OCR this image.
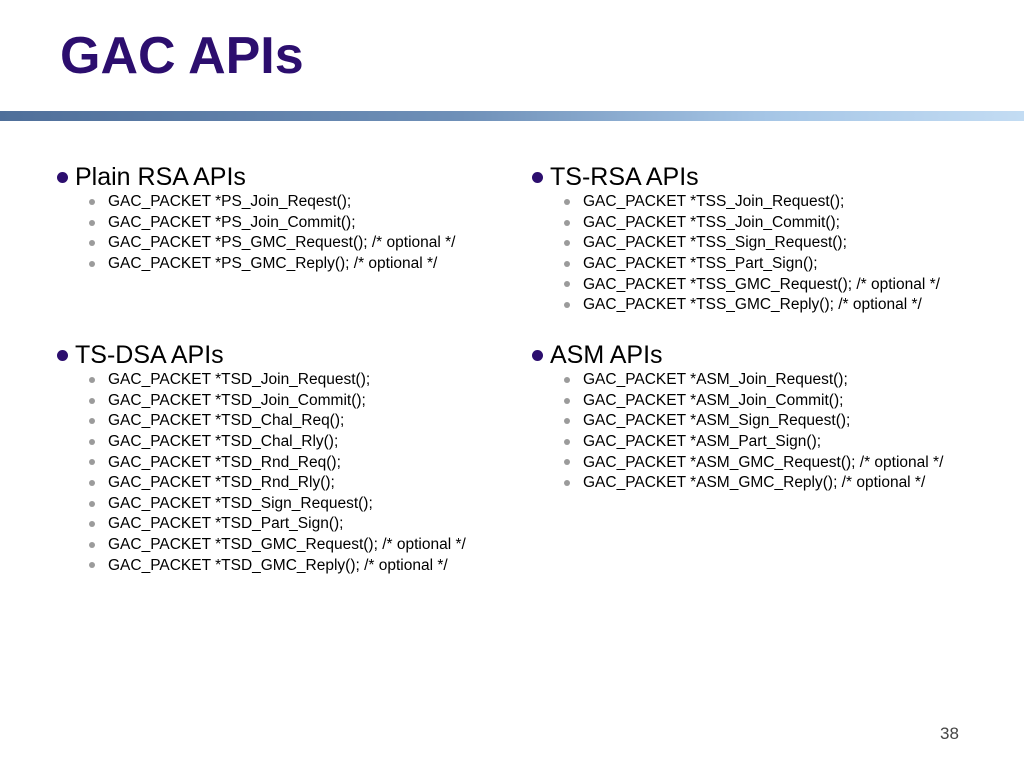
GAC APIs
Plain RSA APIs
GAC_PACKET *PS_Join_Reqest();
GAC_PACKET *PS_Join_Commit();
GAC_PACKET *PS_GMC_Request(); /* optional */
GAC_PACKET *PS_GMC_Reply(); /* optional */
TS-RSA APIs
GAC_PACKET *TSS_Join_Request();
GAC_PACKET *TSS_Join_Commit();
GAC_PACKET *TSS_Sign_Request();
GAC_PACKET *TSS_Part_Sign();
GAC_PACKET *TSS_GMC_Request(); /* optional */
GAC_PACKET *TSS_GMC_Reply(); /* optional */
TS-DSA APIs
GAC_PACKET *TSD_Join_Request();
GAC_PACKET *TSD_Join_Commit();
GAC_PACKET *TSD_Chal_Req();
GAC_PACKET *TSD_Chal_Rly();
GAC_PACKET *TSD_Rnd_Req();
GAC_PACKET *TSD_Rnd_Rly();
GAC_PACKET *TSD_Sign_Request();
GAC_PACKET *TSD_Part_Sign();
GAC_PACKET *TSD_GMC_Request(); /* optional */
GAC_PACKET *TSD_GMC_Reply(); /* optional */
ASM APIs
GAC_PACKET *ASM_Join_Request();
GAC_PACKET *ASM_Join_Commit();
GAC_PACKET *ASM_Sign_Request();
GAC_PACKET *ASM_Part_Sign();
GAC_PACKET *ASM_GMC_Request(); /* optional */
GAC_PACKET *ASM_GMC_Reply(); /* optional */
38
